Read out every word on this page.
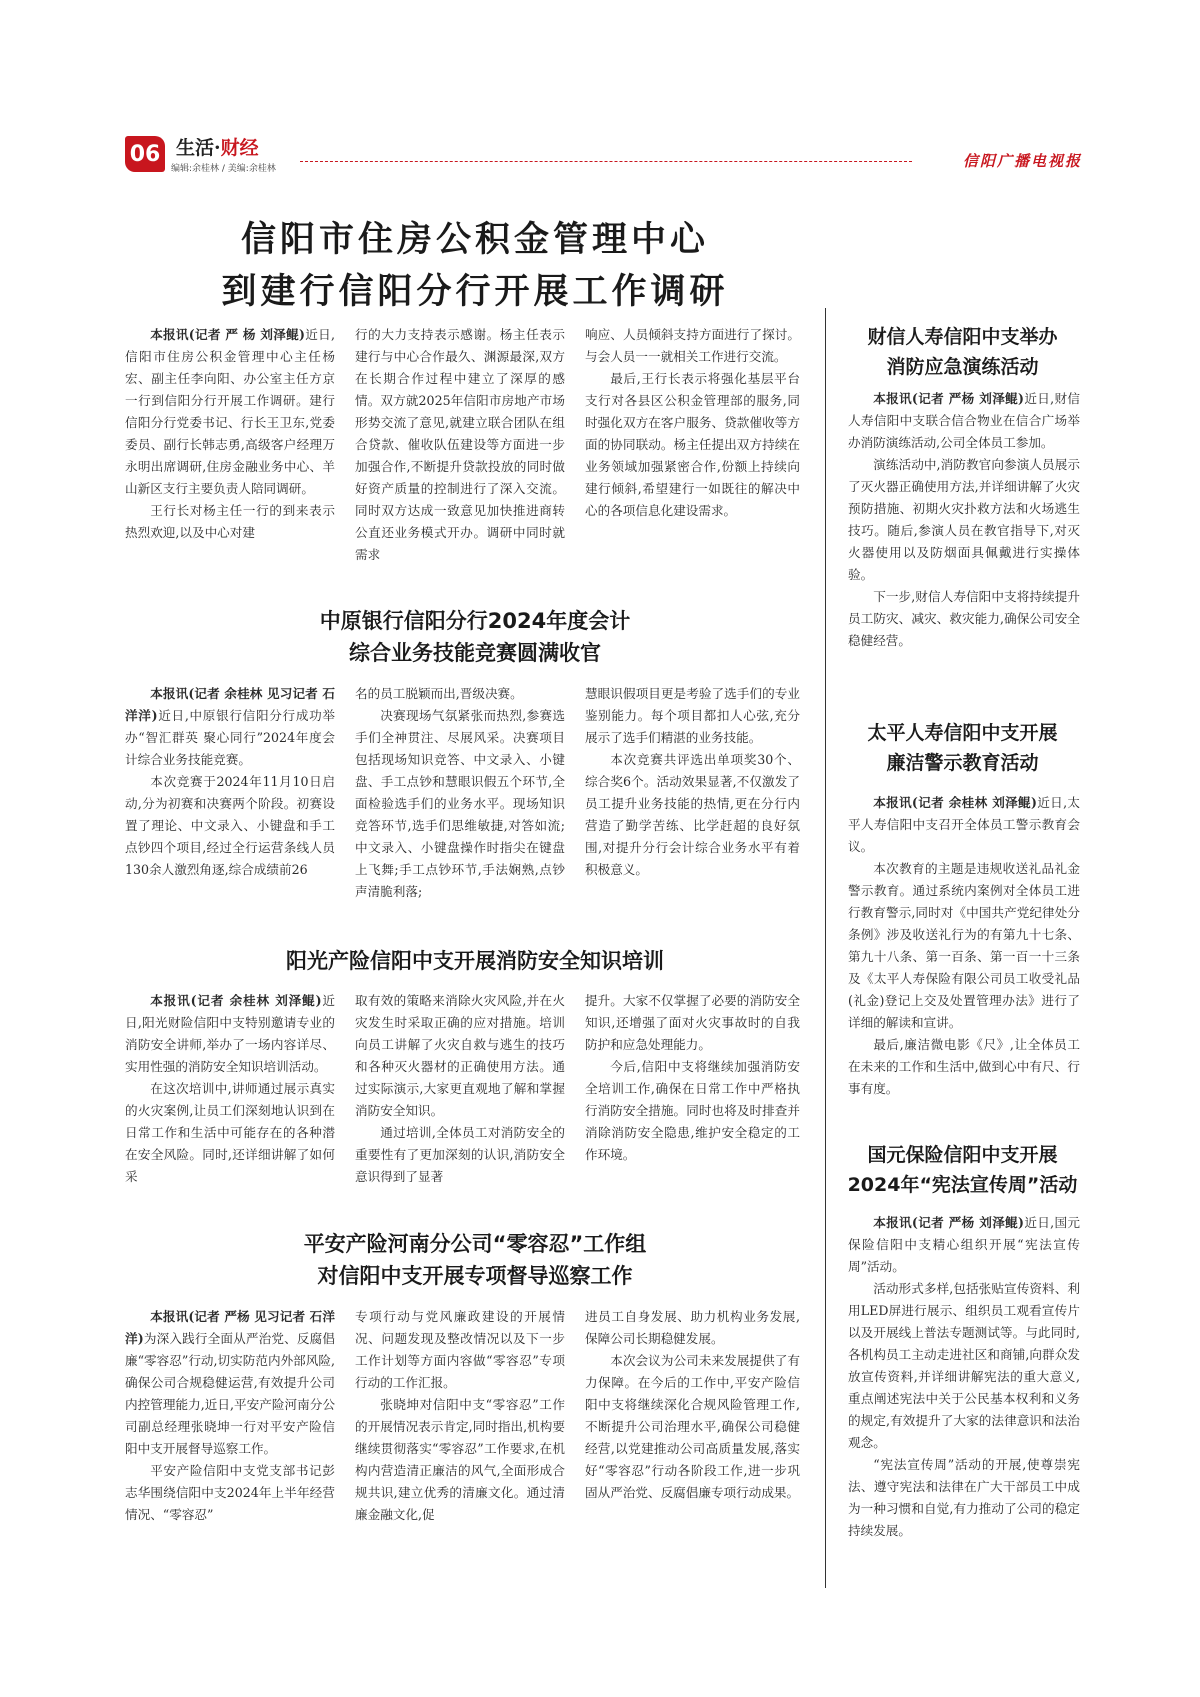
06 生活·财经
编辑:余桂林 / 美编:余桂林	信阳广播电视报
信阳市住房公积金管理中心
到建行信阳分行开展工作调研

本报讯(记者 严 杨 刘泽鲲)近日,信阳市住房公积金管理中心主任杨宏、副主任李向阳、办公室主任方京一行到信阳分行开展工作调研。建行信阳分行党委书记、行长王卫东,党委委员、副行长韩志勇,高级客户经理万永明出席调研,住房金融业务中心、羊山新区支行主要负责人陪同调研。

王行长对杨主任一行的到来表示热烈欢迎,以及中心对建

行的大力支持表示感谢。杨主任表示建行与中心合作最久、渊源最深,双方在长期合作过程中建立了深厚的感情。双方就2025年信阳市房地产市场形势交流了意见,就建立联合团队在组合贷款、催收队伍建设等方面进一步加强合作,不断提升贷款投放的同时做好资产质量的控制进行了深入交流。同时双方达成一致意见加快推进商转公直还业务模式开办。调研中同时就需求

响应、人员倾斜支持方面进行了探讨。与会人员一一就相关工作进行交流。

最后,王行长表示将强化基层平台支行对各县区公积金管理部的服务,同时强化双方在客户服务、贷款催收等方面的协同联动。杨主任提出双方持续在业务领域加强紧密合作,份额上持续向建行倾斜,希望建行一如既往的解决中心的各项信息化建设需求。

中原银行信阳分行2024年度会计
综合业务技能竞赛圆满收官

本报讯(记者 余桂林 见习记者 石洋洋)近日,中原银行信阳分行成功举办“智汇群英 聚心同行”2024年度会计综合业务技能竞赛。

本次竞赛于2024年11月10日启动,分为初赛和决赛两个阶段。初赛设置了理论、中文录入、小键盘和手工点钞四个项目,经过全行运营条线人员130余人激烈角逐,综合成绩前26

名的员工脱颖而出,晋级决赛。

决赛现场气氛紧张而热烈,参赛选手们全神贯注、尽展风采。决赛项目包括现场知识竞答、中文录入、小键盘、手工点钞和慧眼识假五个环节,全面检验选手们的业务水平。现场知识竞答环节,选手们思维敏捷,对答如流;中文录入、小键盘操作时指尖在键盘上飞舞;手工点钞环节,手法娴熟,点钞声清脆利落;

慧眼识假项目更是考验了选手们的专业鉴别能力。每个项目都扣人心弦,充分展示了选手们精湛的业务技能。

本次竞赛共评选出单项奖30个、综合奖6个。活动效果显著,不仅激发了员工提升业务技能的热情,更在分行内营造了勤学苦练、比学赶超的良好氛围,对提升分行会计综合业务水平有着积极意义。

阳光产险信阳中支开展消防安全知识培训

本报讯(记者 余桂林 刘泽鲲)近日,阳光财险信阳中支特别邀请专业的消防安全讲师,举办了一场内容详尽、实用性强的消防安全知识培训活动。

在这次培训中,讲师通过展示真实的火灾案例,让员工们深刻地认识到在日常工作和生活中可能存在的各种潜在安全风险。同时,还详细讲解了如何采

取有效的策略来消除火灾风险,并在火灾发生时采取正确的应对措施。培训向员工讲解了火灾自救与逃生的技巧和各种灭火器材的正确使用方法。通过实际演示,大家更直观地了解和掌握消防安全知识。

通过培训,全体员工对消防安全的重要性有了更加深刻的认识,消防安全意识得到了显著

提升。大家不仅掌握了必要的消防安全知识,还增强了面对火灾事故时的自我防护和应急处理能力。

今后,信阳中支将继续加强消防安全培训工作,确保在日常工作中严格执行消防安全措施。同时也将及时排查并消除消防安全隐患,维护安全稳定的工作环境。

平安产险河南分公司“零容忍”工作组
对信阳中支开展专项督导巡察工作

本报讯(记者 严杨 见习记者 石洋洋)为深入践行全面从严治党、反腐倡廉“零容忍”行动,切实防范内外部风险,确保公司合规稳健运营,有效提升公司内控管理能力,近日,平安产险河南分公司副总经理张晓坤一行对平安产险信阳中支开展督导巡察工作。

平安产险信阳中支党支部书记彭志华围绕信阳中支2024年上半年经营情况、“零容忍”

专项行动与党风廉政建设的开展情况、问题发现及整改情况以及下一步工作计划等方面内容做“零容忍”专项行动的工作汇报。

张晓坤对信阳中支“零容忍”工作的开展情况表示肯定,同时指出,机构要继续贯彻落实“零容忍”工作要求,在机构内营造清正廉洁的风气,全面形成合规共识,建立优秀的清廉文化。通过清廉金融文化,促

进员工自身发展、助力机构业务发展,保障公司长期稳健发展。

本次会议为公司未来发展提供了有力保障。在今后的工作中,平安产险信阳中支将继续深化合规风险管理工作,不断提升公司治理水平,确保公司稳健经营,以党建推动公司高质量发展,落实好“零容忍”行动各阶段工作,进一步巩固从严治党、反腐倡廉专项行动成果。

财信人寿信阳中支举办
消防应急演练活动

本报讯(记者 严杨 刘泽鲲)近日,财信人寿信阳中支联合信合物业在信合广场举办消防演练活动,公司全体员工参加。

演练活动中,消防教官向参演人员展示了灭火器正确使用方法,并详细讲解了火灾预防措施、初期火灾扑救方法和火场逃生技巧。随后,参演人员在教官指导下,对灭火器使用以及防烟面具佩戴进行实操体验。

下一步,财信人寿信阳中支将持续提升员工防灾、减灾、救灾能力,确保公司安全稳健经营。

太平人寿信阳中支开展
廉洁警示教育活动

本报讯(记者 余桂林 刘泽鲲)近日,太平人寿信阳中支召开全体员工警示教育会议。

本次教育的主题是违规收送礼品礼金警示教育。通过系统内案例对全体员工进行教育警示,同时对《中国共产党纪律处分条例》涉及收送礼行为的有第九十七条、第九十八条、第一百条、第一百一十三条及《太平人寿保险有限公司员工收受礼品(礼金)登记上交及处置管理办法》进行了详细的解读和宣讲。

最后,廉洁微电影《尺》,让全体员工在未来的工作和生活中,做到心中有尺、行事有度。

国元保险信阳中支开展
2024年“宪法宣传周”活动

本报讯(记者 严杨 刘泽鲲)近日,国元保险信阳中支精心组织开展“宪法宣传周”活动。

活动形式多样,包括张贴宣传资料、利用LED屏进行展示、组织员工观看宣传片以及开展线上普法专题测试等。与此同时,各机构员工主动走进社区和商铺,向群众发放宣传资料,并详细讲解宪法的重大意义,重点阐述宪法中关于公民基本权利和义务的规定,有效提升了大家的法律意识和法治观念。

“宪法宣传周”活动的开展,使尊崇宪法、遵守宪法和法律在广大干部员工中成为一种习惯和自觉,有力推动了公司的稳定持续发展。
